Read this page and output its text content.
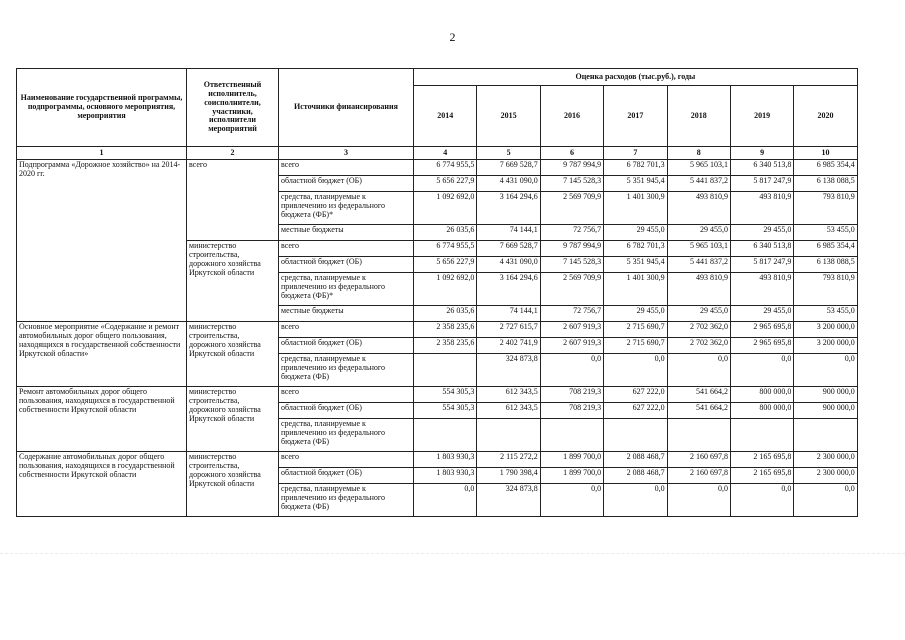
2
Наименование государственной программы, подпрограммы, основного мероприятия, мероприятия	Ответственный исполнитель, соисполнители, участники, исполнители мероприятий	Источники финансирования	Оценка расходов (тыс.руб.), годы						
			2014	2015	2016	2017	2018	2019	2020
1	2	3	4	5	6	7	8	9	10
Подпрограмма «Дорожное хозяйство» на 2014-2020 гг.	всего	всего	6 774 955,5	7 669 528,7	9 787 994,9	6 782 701,3	5 965 103,1	6 340 513,8	6 985 354,4
		областной бюджет (ОБ)	5 656 227,9	4 431 090,0	7 145 528,3	5 351 945,4	5 441 837,2	5 817 247,9	6 138 088,5
		средства, планируемые к привлечению из федерального бюджета (ФБ)*	1 092 692,0	3 164 294,6	2 569 709,9	1 401 300,9	493 810,9	493 810,9	793 810,9
		местные бюджеты	26 035,6	74 144,1	72 756,7	29 455,0	29 455,0	29 455,0	53 455,0
	министерство строительства, дорожного хозяйства Иркутской области	всего	6 774 955,5	7 669 528,7	9 787 994,9	6 782 701,3	5 965 103,1	6 340 513,8	6 985 354,4
		областной бюджет (ОБ)	5 656 227,9	4 431 090,0	7 145 528,3	5 351 945,4	5 441 837,2	5 817 247,9	6 138 088,5
		средства, планируемые к привлечению из федерального бюджета (ФБ)*	1 092 692,0	3 164 294,6	2 569 709,9	1 401 300,9	493 810,9	493 810,9	793 810,9
		местные бюджеты	26 035,6	74 144,1	72 756,7	29 455,0	29 455,0	29 455,0	53 455,0
Основное мероприятие «Содержание и ремонт автомобильных дорог общего пользования, находящихся в государственной собственности Иркутской области»	министерство строительства, дорожного хозяйства Иркутской области	всего	2 358 235,6	2 727 615,7	2 607 919,3	2 715 690,7	2 702 362,0	2 965 695,8	3 200 000,0
		областной бюджет (ОБ)	2 358 235,6	2 402 741,9	2 607 919,3	2 715 690,7	2 702 362,0	2 965 695,8	3 200 000,0
		средства, планируемые к привлечению из федерального бюджета (ФБ)		324 873,8	0,0	0,0	0,0	0,0	0,0
Ремонт автомобильных дорог общего пользования, находящихся в государственной собственности Иркутской области	министерство строительства, дорожного хозяйства Иркутской области	всего	554 305,3	612 343,5	708 219,3	627 222,0	541 664,2	800 000,0	900 000,0
		областной бюджет (ОБ)	554 305,3	612 343,5	708 219,3	627 222,0	541 664,2	800 000,0	900 000,0
		средства, планируемые к привлечению из федерального бюджета (ФБ)							
Содержание автомобильных дорог общего пользования, находящихся в государственной собственности Иркутской области	министерство строительства, дорожного хозяйства Иркутской области	всего	1 803 930,3	2 115 272,2	1 899 700,0	2 088 468,7	2 160 697,8	2 165 695,8	2 300 000,0
		областной бюджет (ОБ)	1 803 930,3	1 790 398,4	1 899 700,0	2 088 468,7	2 160 697,8	2 165 695,8	2 300 000,0
		средства, планируемые к привлечению из федерального бюджета (ФБ)	0,0	324 873,8	0,0	0,0	0,0	0,0	0,0
